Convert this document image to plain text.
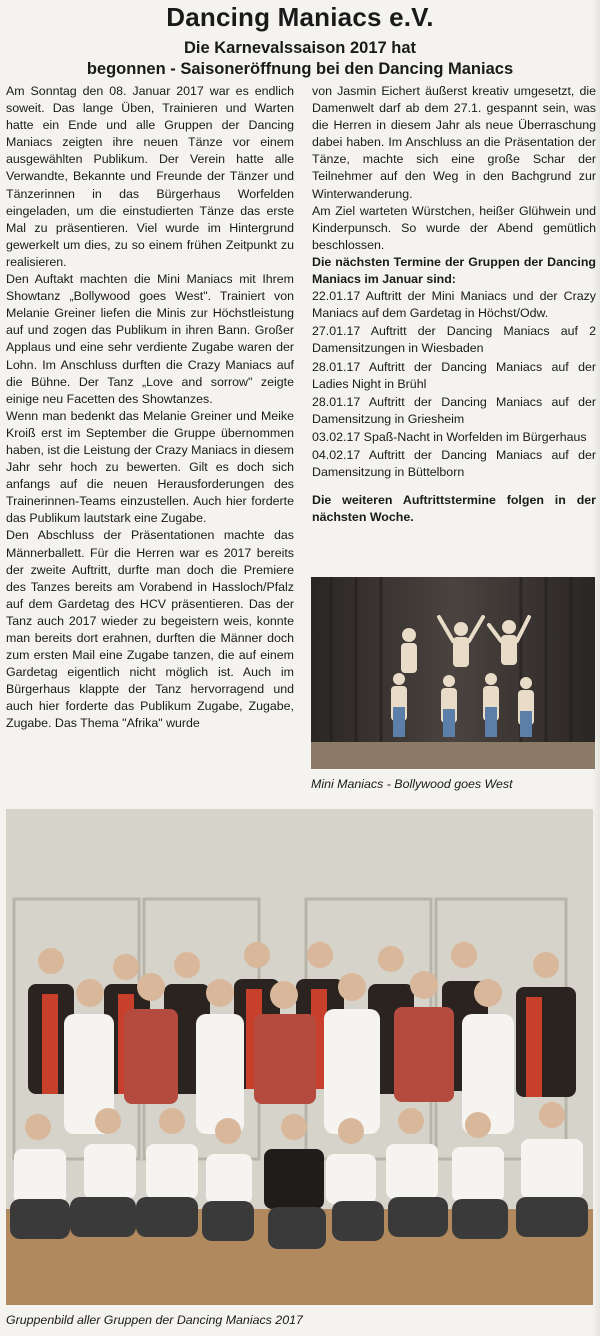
Dancing Maniacs e.V.
Die Karnevalssaison 2017 hat
begonnen - Saisoneröffnung bei den Dancing Maniacs

Am Sonntag den 08. Januar 2017 war es endlich soweit. Das lange Üben, Trainieren und Warten hatte ein Ende und alle Gruppen der Dancing Maniacs zeigten ihre neuen Tänze vor einem ausgewählten Publikum. Der Verein hatte alle Verwandte, Bekannte und Freunde der Tänzer und Tänzerinnen in das Bürgerhaus Worfelden eingeladen, um die einstudierten Tänze das erste Mal zu präsentieren. Viel wurde im Hintergrund gewerkelt um dies, zu so einem frühen Zeitpunkt zu realisieren.

Den Auftakt machten die Mini Maniacs mit Ihrem Showtanz „Bollywood goes West". Trainiert von Melanie Greiner liefen die Minis zur Höchstleistung auf und zogen das Publikum in ihren Bann. Großer Applaus und eine sehr verdiente Zugabe waren der Lohn. Im Anschluss durften die Crazy Maniacs auf die Bühne. Der Tanz „Love and sorrow" zeigte einige neu Facetten des Showtanzes.

Wenn man bedenkt das Melanie Greiner und Meike Kroiß erst im September die Gruppe übernommen haben, ist die Leistung der Crazy Maniacs in diesem Jahr sehr hoch zu bewerten. Gilt es doch sich anfangs auf die neuen Herausforderungen des Trainerinnen-Teams einzustellen. Auch hier forderte das Publikum lautstark eine Zugabe.

Den Abschluss der Präsentationen machte das Männerballett. Für die Herren war es 2017 bereits der zweite Auftritt, durfte man doch die Premiere des Tanzes bereits am Vorabend in Hassloch/Pfalz auf dem Gardetag des HCV präsentieren. Das der Tanz auch 2017 wieder zu begeistern weis, konnte man bereits dort erahnen, durften die Männer doch zum ersten Mail eine Zugabe tanzen, die auf einem Gardetag eigentlich nicht möglich ist. Auch im Bürgerhaus klappte der Tanz hervorragend und auch hier forderte das Publikum Zugabe, Zugabe, Zugabe. Das Thema "Afrika" wurde

von Jasmin Eichert äußerst kreativ umgesetzt, die Damenwelt darf ab dem 27.1. gespannt sein, was die Herren in diesem Jahr als neue Überraschung dabei haben. Im Anschluss an die Präsentation der Tänze, machte sich eine große Schar der Teilnehmer auf den Weg in den Bachgrund zur Winterwanderung.

Am Ziel warteten Würstchen, heißer Glühwein und Kinderpunsch. So wurde der Abend gemütlich beschlossen.

Die nächsten Termine der Gruppen der Dancing Maniacs im Januar sind:

22.01.17 Auftritt der Mini Maniacs und der Crazy Maniacs auf dem Gardetag in Höchst/Odw.

27.01.17 Auftritt der Dancing Maniacs auf 2 Damensitzungen in Wiesbaden

28.01.17 Auftritt der Dancing Maniacs auf der Ladies Night in Brühl

28.01.17 Auftritt der Dancing Maniacs auf der Damensitzung in Griesheim

03.02.17 Spaß-Nacht in Worfelden im Bürgerhaus

04.02.17 Auftritt der Dancing Maniacs auf der Damensitzung in Büttelborn

Die weiteren Auftrittstermine folgen in der nächsten Woche.

Mini Maniacs - Bollywood goes West
Gruppenbild aller Gruppen der Dancing Maniacs 2017
